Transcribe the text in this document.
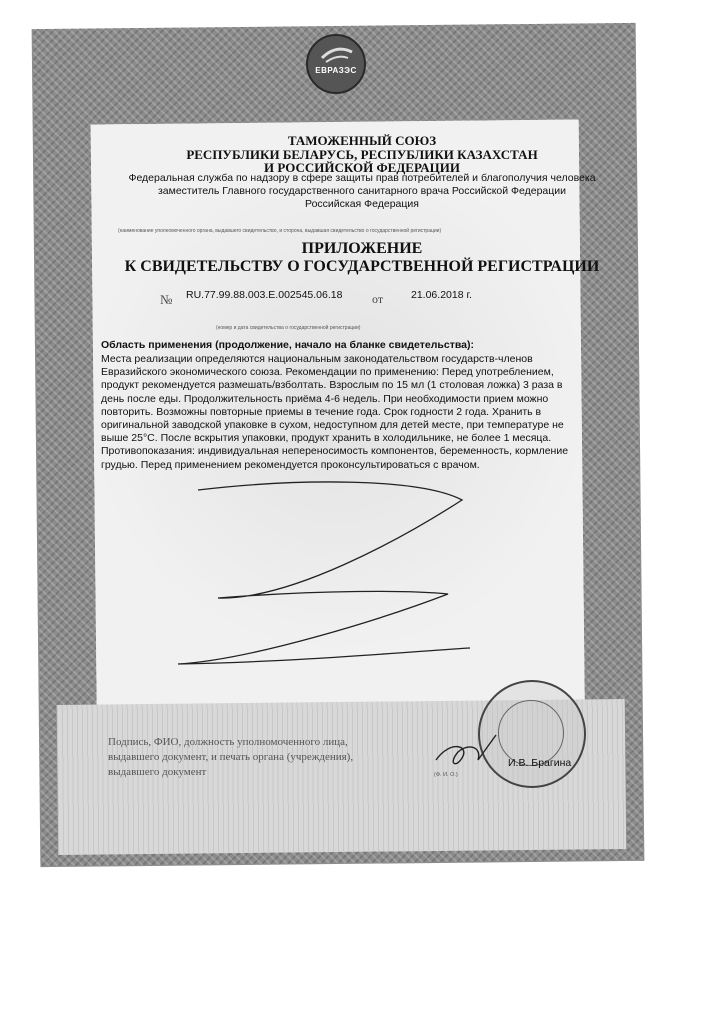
ЕВРАЗЭС
ТАМОЖЕННЫЙ СОЮЗ
РЕСПУБЛИКИ БЕЛАРУСЬ, РЕСПУБЛИКИ КАЗАХСТАН
И РОССИЙСКОЙ ФЕДЕРАЦИИ
Федеральная служба по надзору в сфере защиты прав потребителей и благополучия человека
заместитель Главного государственного санитарного врача Российской Федерации
Российская Федерация
(наименование уполномоченного органа, выдавшего свидетельство, и сторона, выдавшая свидетельство о государственной регистрации)
ПРИЛОЖЕНИЕ
К СВИДЕТЕЛЬСТВУ О ГОСУДАРСТВЕННОЙ РЕГИСТРАЦИИ
№ RU.77.99.88.003.Е.002545.06.18 от	21.06.2018 г.
(номер и дата свидетельства о государственной регистрации)
Область применения (продолжение, начало на бланке свидетельства):
Места реализации определяются национальным законодательством государств-членов Евразийского экономического союза. Рекомендации по применению: Перед употреблением, продукт рекомендуется размешать/взболтать. Взрослым по 15 мл (1 столовая ложка) 3 раза в день после еды. Продолжительность приёма 4-6 недель. При необходимости прием можно повторить. Возможны повторные приемы в течение года. Срок годности 2 года. Хранить в оригинальной заводской упаковке в сухом, недоступном для детей месте, при температуре не выше 25°С. После вскрытия упаковки, продукт хранить в холодильнике, не более 1 месяца. Противопоказания: индивидуальная непереносимость компонентов, беременность, кормление грудью. Перед применением рекомендуется проконсультироваться с врачом.
Подпись, ФИО, должность уполномоченного лица, выдавшего документ, и печать органа (учреждения), выдавшего документ	(Ф. И. О.)
И.В. Брагина
